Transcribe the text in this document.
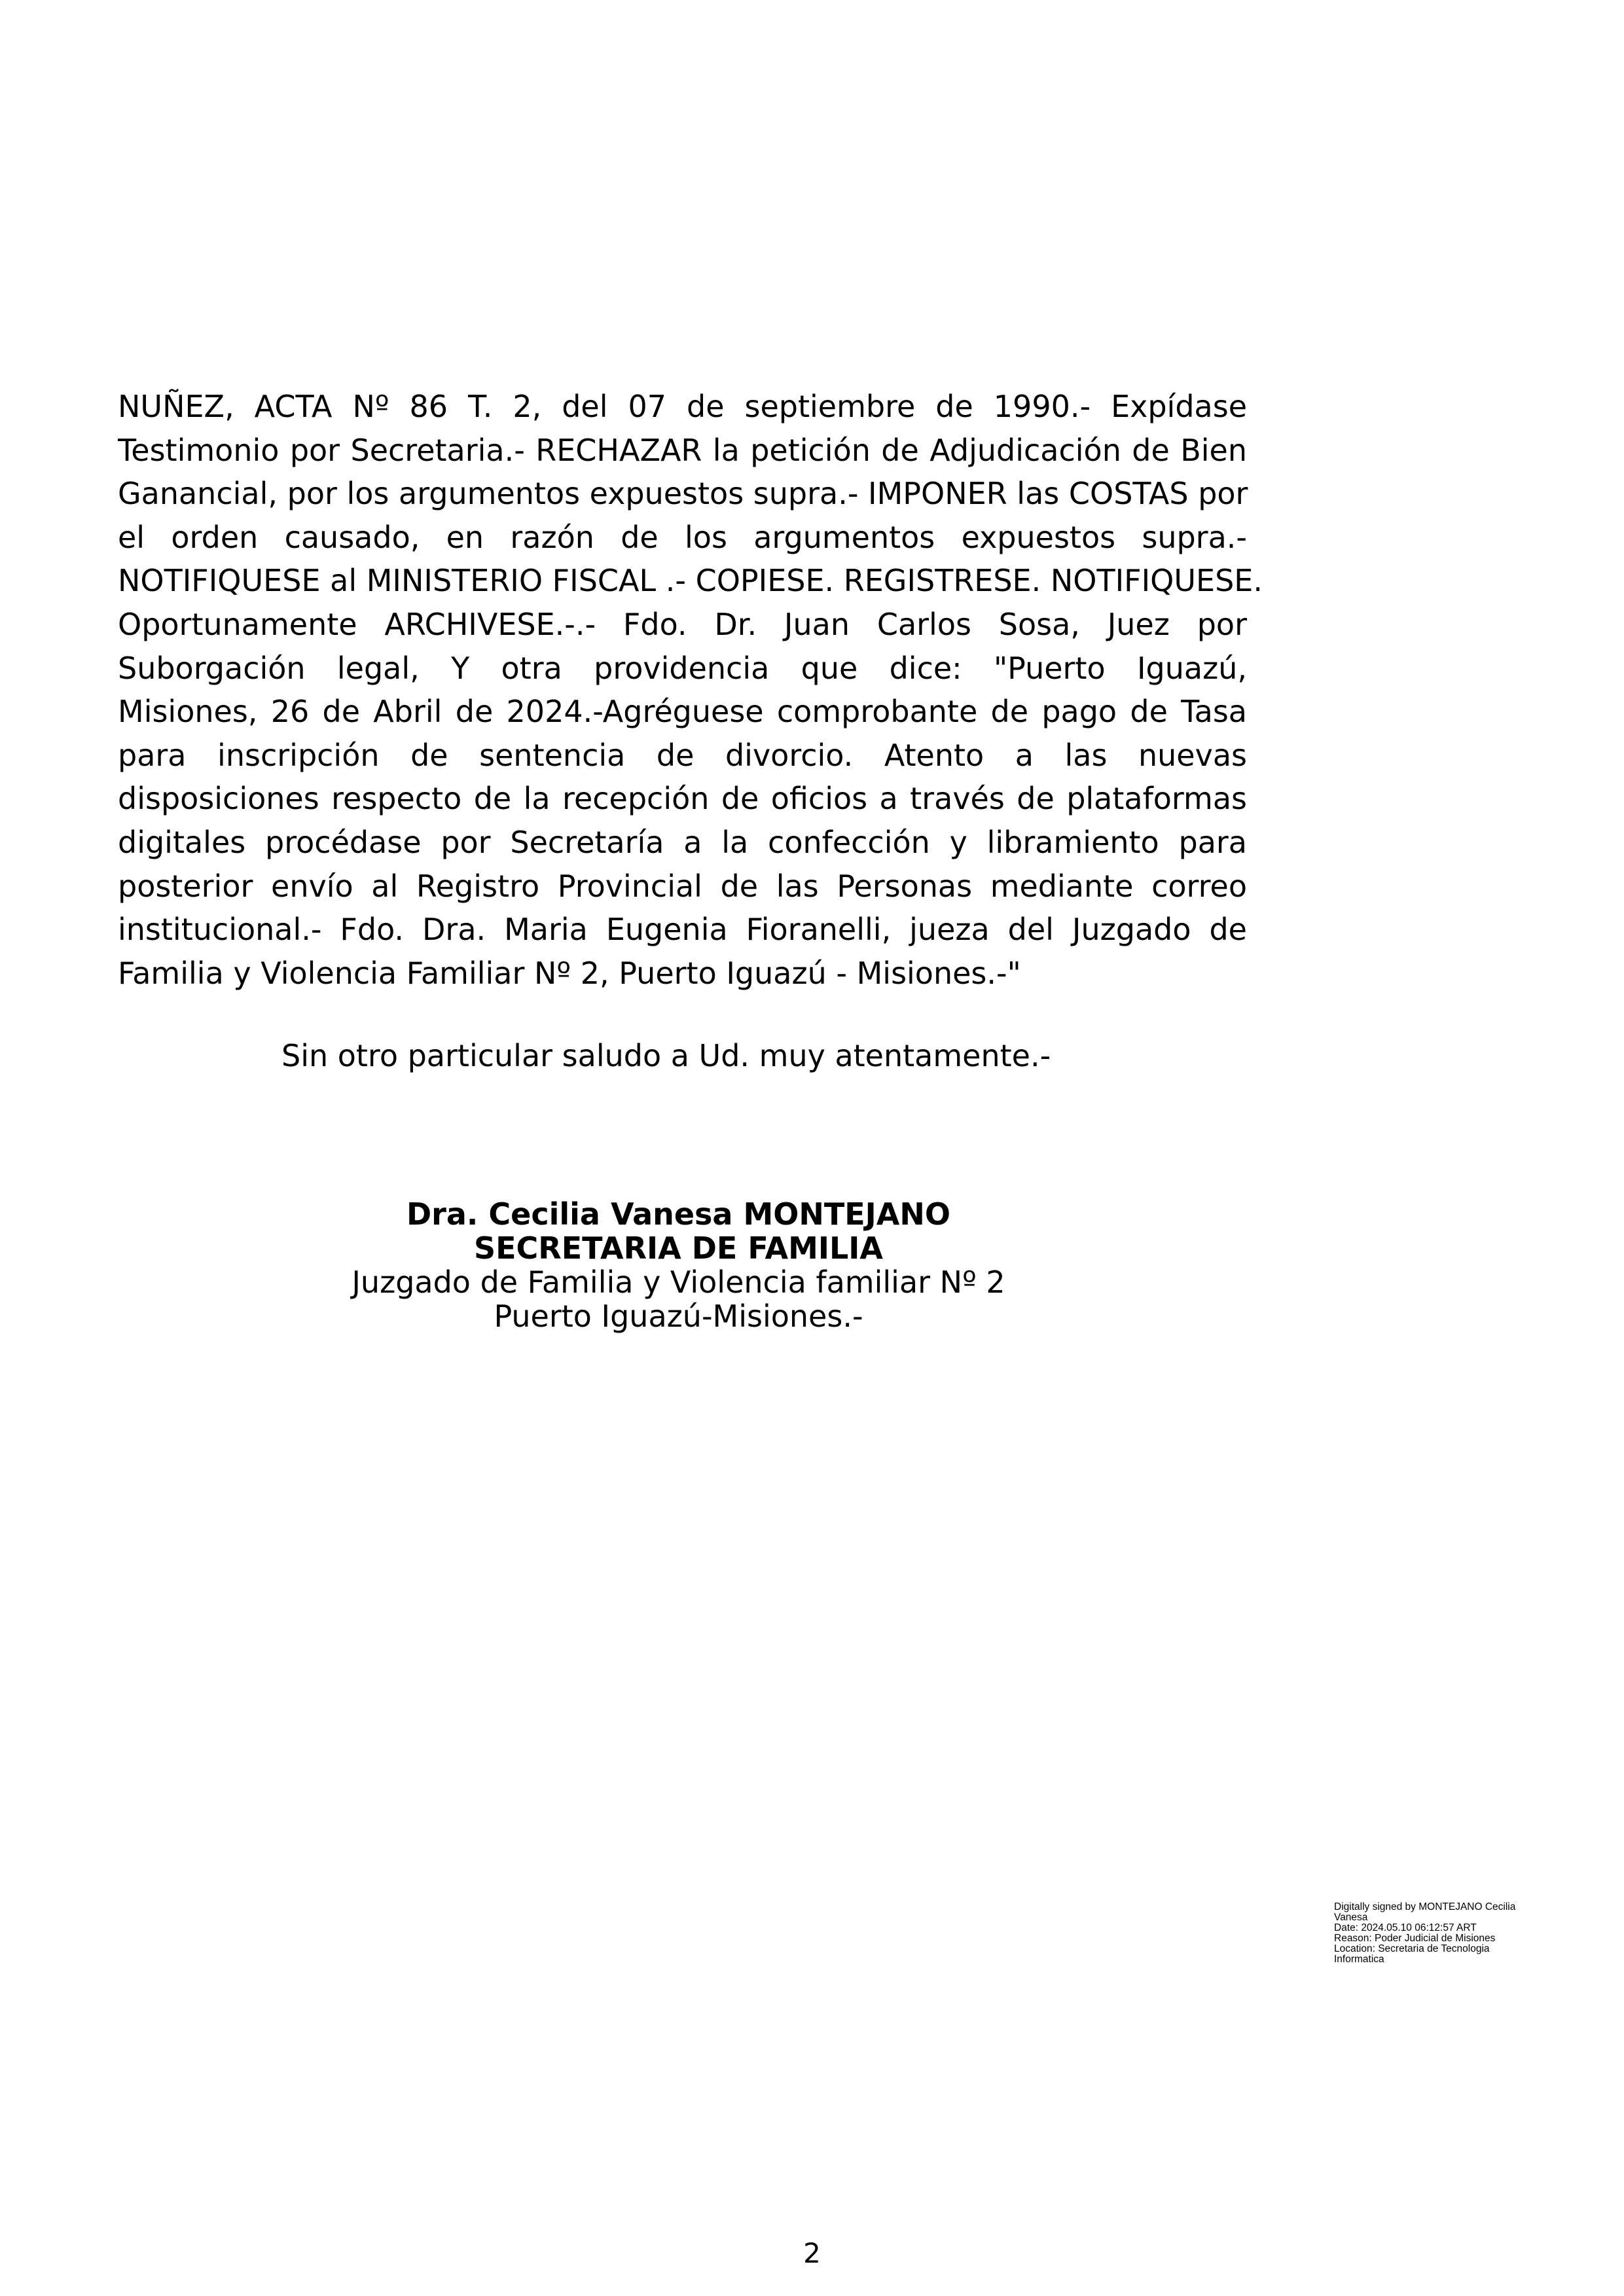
NUÑEZ, ACTA Nº 86 T. 2, del 07 de septiembre de 1990.- Expídase
Testimonio por Secretaria.- RECHAZAR la petición de Adjudicación de Bien
Ganancial, por los argumentos expuestos supra.- IMPONER las COSTAS por
el orden causado, en razón de los argumentos expuestos supra.-
NOTIFIQUESE al MINISTERIO FISCAL .- COPIESE. REGISTRESE. NOTIFIQUESE.
Oportunamente ARCHIVESE.-.- Fdo. Dr. Juan Carlos Sosa, Juez por
Suborgación legal, Y otra providencia que dice: "Puerto Iguazú,
Misiones, 26 de Abril de 2024.-Agréguese comprobante de pago de Tasa
para inscripción de sentencia de divorcio. Atento a las nuevas
disposiciones respecto de la recepción de oficios a través de plataformas
digitales procédase por Secretaría a la confección y libramiento para
posterior envío al Registro Provincial de las Personas mediante correo
institucional.- Fdo. Dra. Maria Eugenia Fioranelli, jueza del Juzgado de
Familia y Violencia Familiar Nº 2, Puerto Iguazú - Misiones.-"

Sin otro particular saludo a Ud. muy atentamente.-

Dra. Cecilia Vanesa MONTEJANO
SECRETARIA DE FAMILIA
Juzgado de Familia y Violencia familiar Nº 2
Puerto Iguazú-Misiones.-
Digitally signed by MONTEJANO Cecilia
Vanesa
Date: 2024.05.10 06:12:57 ART
Reason: Poder Judicial de Misiones
Location: Secretaria de Tecnologia
Informatica
2
